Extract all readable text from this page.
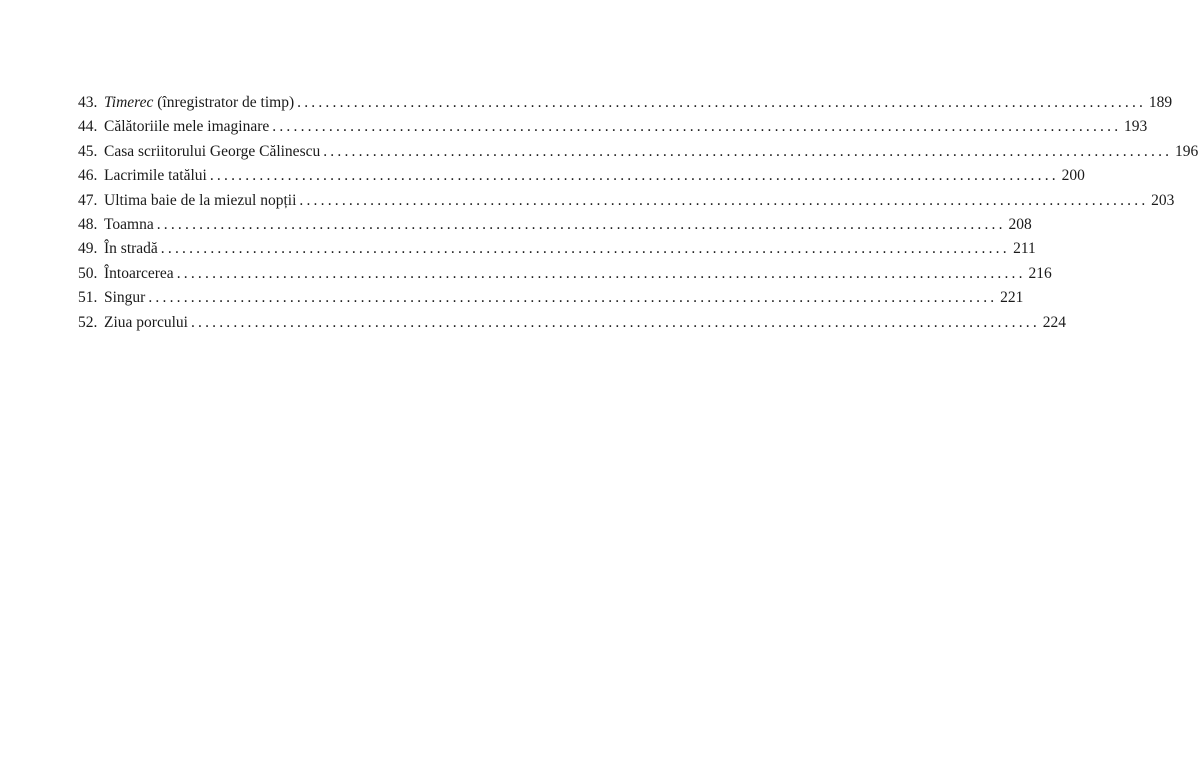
43. Timerec (înregistrator de timp) ........................................................................................................................ 189
44. Călătoriile mele imaginare ........................................................................................................................ 193
45. Casa scriitorului George Călinescu ........................................................................................................................ 196
46. Lacrimile tatălui ........................................................................................................................ 200
47. Ultima baie de la miezul nopții ........................................................................................................................ 203
48. Toamna ........................................................................................................................ 208
49. În stradă ........................................................................................................................ 211
50. Întoarcerea ........................................................................................................................ 216
51. Singur ........................................................................................................................ 221
52. Ziua porcului ........................................................................................................................ 224
